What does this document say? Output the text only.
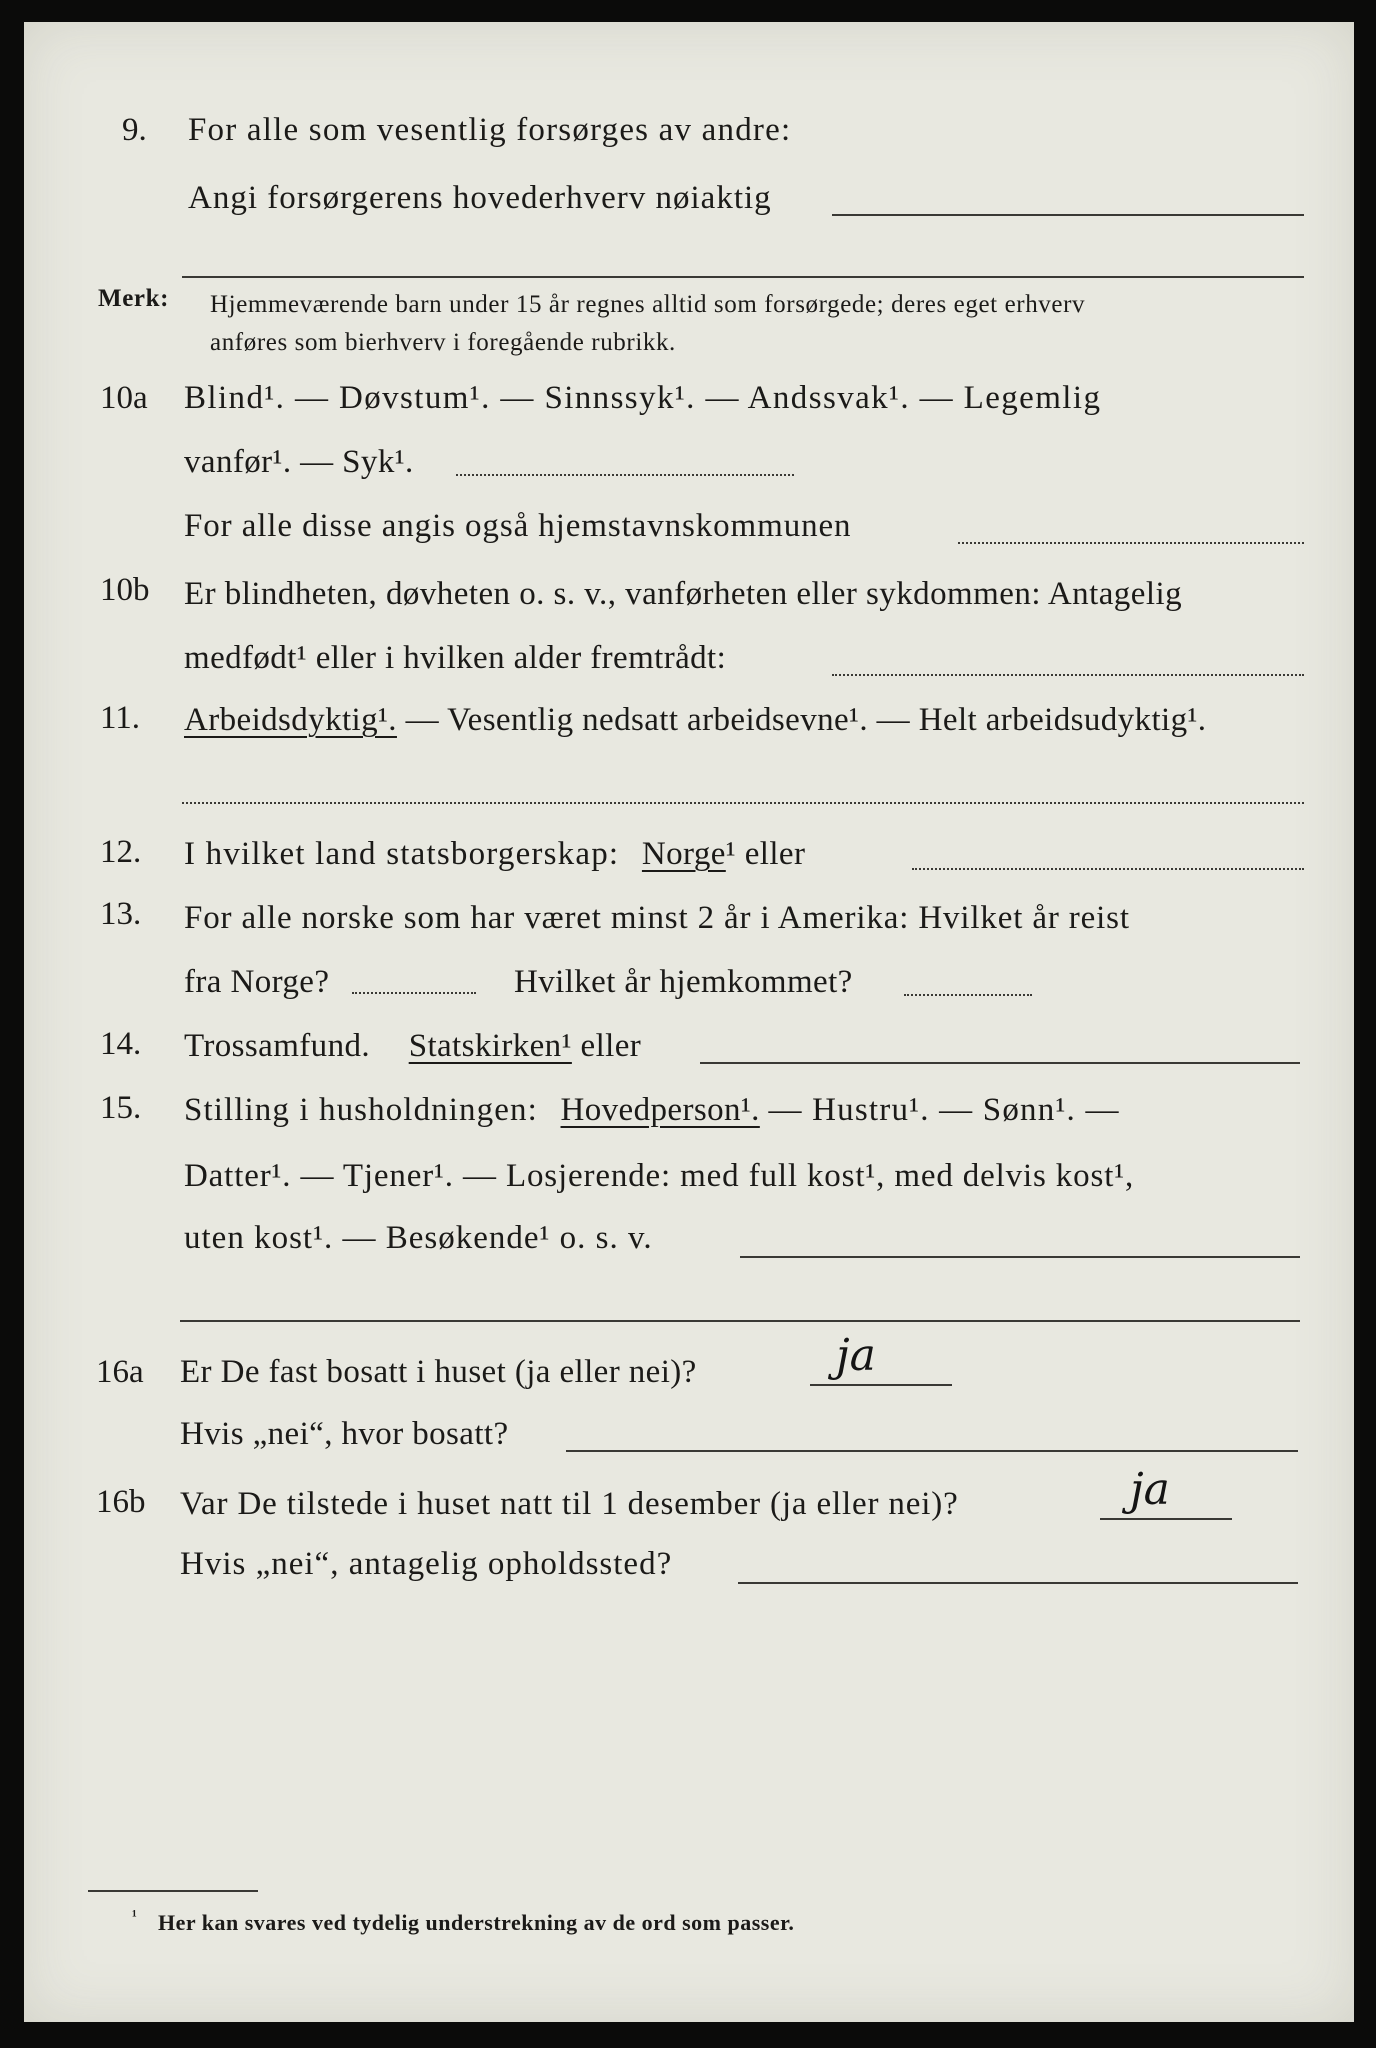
9. For alle som vesentlig forsørges av andre:
Angi forsørgerens hovederhverv nøiaktig
Merk: Hjemmeværende barn under 15 år regnes alltid som forsørgede; deres eget erhverv
anføres som bierhverv i foregående rubrikk.
10a Blind¹. — Døvstum¹. — Sinnssyk¹. — Andssvak¹. — Legemlig
vanfør¹. — Syk¹.
For alle disse angis også hjemstavnskommunen
10b Er blindheten, døvheten o. s. v., vanførheten eller sykdommen: Antagelig
medfødt¹ eller i hvilken alder fremtrådt:
11. Arbeidsdyktig¹. — Vesentlig nedsatt arbeidsevne¹. — Helt arbeidsudyktig¹.
12. I hvilket land statsborgerskap: Norge¹ eller
13. For alle norske som har været minst 2 år i Amerika: Hvilket år reist
fra Norge?	Hvilket år hjemkommet?
14. Trossamfund. Statskirken¹ eller
15. Stilling i husholdningen: Hovedperson¹. — Hustru¹. — Sønn¹. —
Datter¹. — Tjener¹. — Losjerende: med full kost¹, med delvis kost¹,
uten kost¹. — Besøkende¹ o. s. v.
16a Er De fast bosatt i huset (ja eller nei)?	ja
Hvis „nei“, hvor bosatt?
16b Var De tilstede i huset natt til 1 desember (ja eller nei)?	ja
Hvis „nei“, antagelig opholdssted?
¹ Her kan svares ved tydelig understrekning av de ord som passer.
